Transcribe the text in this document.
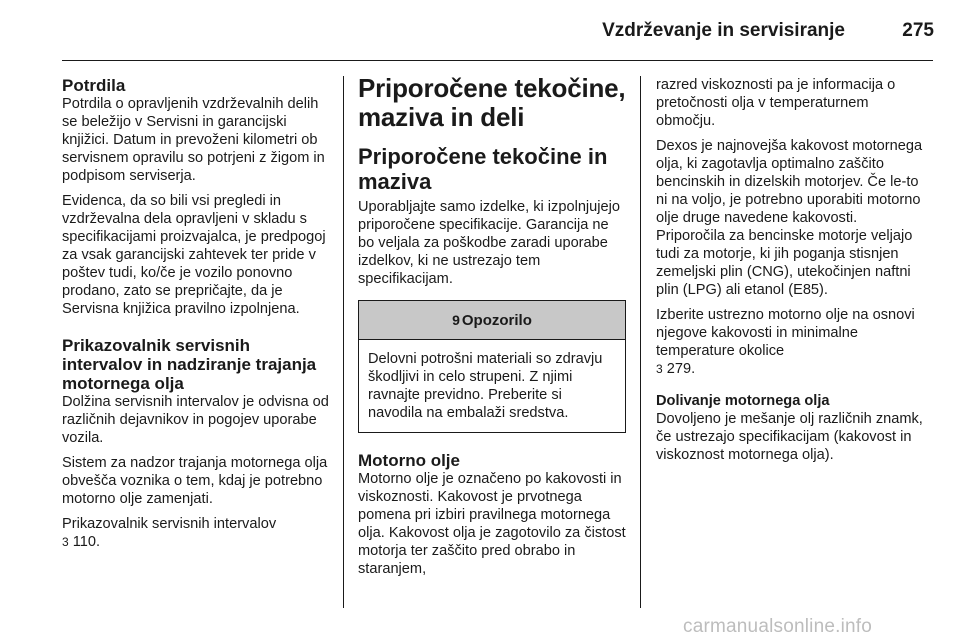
Vzdrževanje in servisiranje	275
Potrdila

Potrdila o opravljenih vzdrževalnih delih se beležijo v Servisni in garancijski knjižici. Datum in prevoženi kilometri ob servisnem opravilu so potrjeni z žigom in podpisom serviserja.

Evidenca, da so bili vsi pregledi in vzdrževalna dela opravljeni v skladu s specifikacijami proizvajalca, je predpogoj za vsak garancijski zahtevek ter pride v poštev tudi, ko/če je vozilo ponovno prodano, zato se prepričajte, da je Servisna knjižica pravilno izpolnjena.

Prikazovalnik servisnih intervalov in nadziranje trajanja motornega olja

Dolžina servisnih intervalov je odvisna od različnih dejavnikov in pogojev uporabe vozila.

Sistem za nadzor trajanja motornega olja obvešča voznika o tem, kdaj je potrebno motorno olje zamenjati.

Prikazovalnik servisnih intervalov
3 110.

Priporočene tekočine, maziva in deli
Priporočene tekočine in maziva

Uporabljajte samo izdelke, ki izpolnjujejo priporočene specifikacije. Garancija ne bo veljala za poškodbe zaradi uporabe izdelkov, ki ne ustrezajo tem specifikacijam.

9 Opozorilo
Delovni potrošni materiali so zdravju škodljivi in celo strupeni. Z njimi ravnajte previdno. Preberite si navodila na embalaži sredstva.
Motorno olje

Motorno olje je označeno po kakovosti in viskoznosti. Kakovost je prvotnega pomena pri izbiri pravilnega motornega olja. Kakovost olja je zagotovilo za čistost motorja ter zaščito pred obrabo in staranjem,

razred viskoznosti pa je informacija o pretočnosti olja v temperaturnem območju.

Dexos je najnovejša kakovost motornega olja, ki zagotavlja optimalno zaščito bencinskih in dizelskih motorjev. Če le-to ni na voljo, je potrebno uporabiti motorno olje druge navedene kakovosti. Priporočila za bencinske motorje veljajo tudi za motorje, ki jih poganja stisnjen zemeljski plin (CNG), utekočinjen naftni plin (LPG) ali etanol (E85).

Izberite ustrezno motorno olje na osnovi njegove kakovosti in minimalne temperature okolice
3 279.

Dolivanje motornega olja

Dovoljeno je mešanje olj različnih znamk, če ustrezajo specifikacijam (kakovost in viskoznost motornega olja).

carmanualsonline.info
